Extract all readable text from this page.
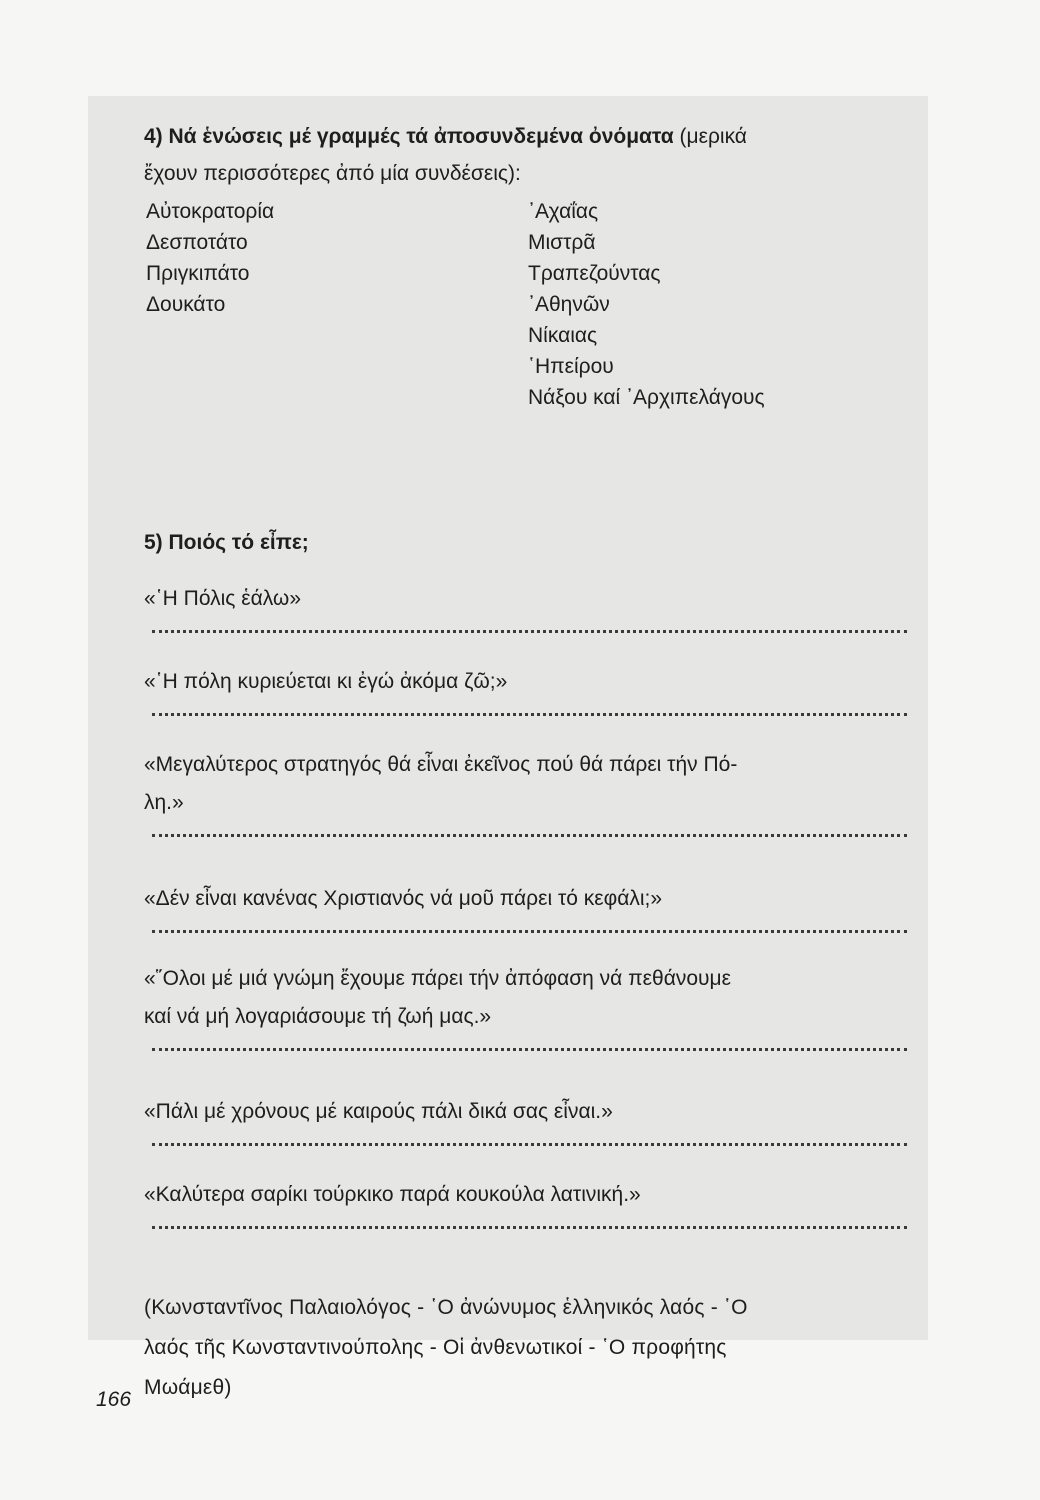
4) Νά ἑνώσεις μέ γραμμές τά ἀποσυνδεμένα ὀνόματα (μερικά
ἔχουν περισσότερες ἀπό μία συνδέσεις):

Αὐτοκρατορία
Δεσποτάτο
Πριγκιπάτο
Δουκάτο
᾿Αχαΐας
Μιστρᾶ
Τραπεζούντας
᾿Αθηνῶν
Νίκαιας
῾Ηπείρου
Νάξου καί ᾿Αρχιπελάγους

5) Ποιός τό εἶπε;

«῾Η Πόλις ἑάλω»
«῾Η πόλη κυριεύεται κι ἐγώ ἀκόμα ζῶ;»
«Μεγαλύτερος στρατηγός θά εἶναι ἐκεῖνος πού θά πάρει τήν Πό-
λη.»
«Δέν εἶναι κανένας Χριστιανός νά μοῦ πάρει τό κεφάλι;»
«῞Ολοι μέ μιά γνώμη ἔχουμε πάρει τήν ἀπόφαση νά πεθάνουμε
καί νά μή λογαριάσουμε τή ζωή μας.»
«Πάλι μέ χρόνους μέ καιρούς πάλι δικά σας εἶναι.»
«Καλύτερα σαρίκι τούρκικο παρά κουκούλα λατινική.»
(Κωνσταντῖνος Παλαιολόγος - ῾Ο ἀνώνυμος ἑλληνικός λαός - ῾Ο
λαός τῆς Κωνσταντινούπολης - Οἱ ἀνθενωτικοί - ῾Ο προφήτης
Μωάμεθ)
166
